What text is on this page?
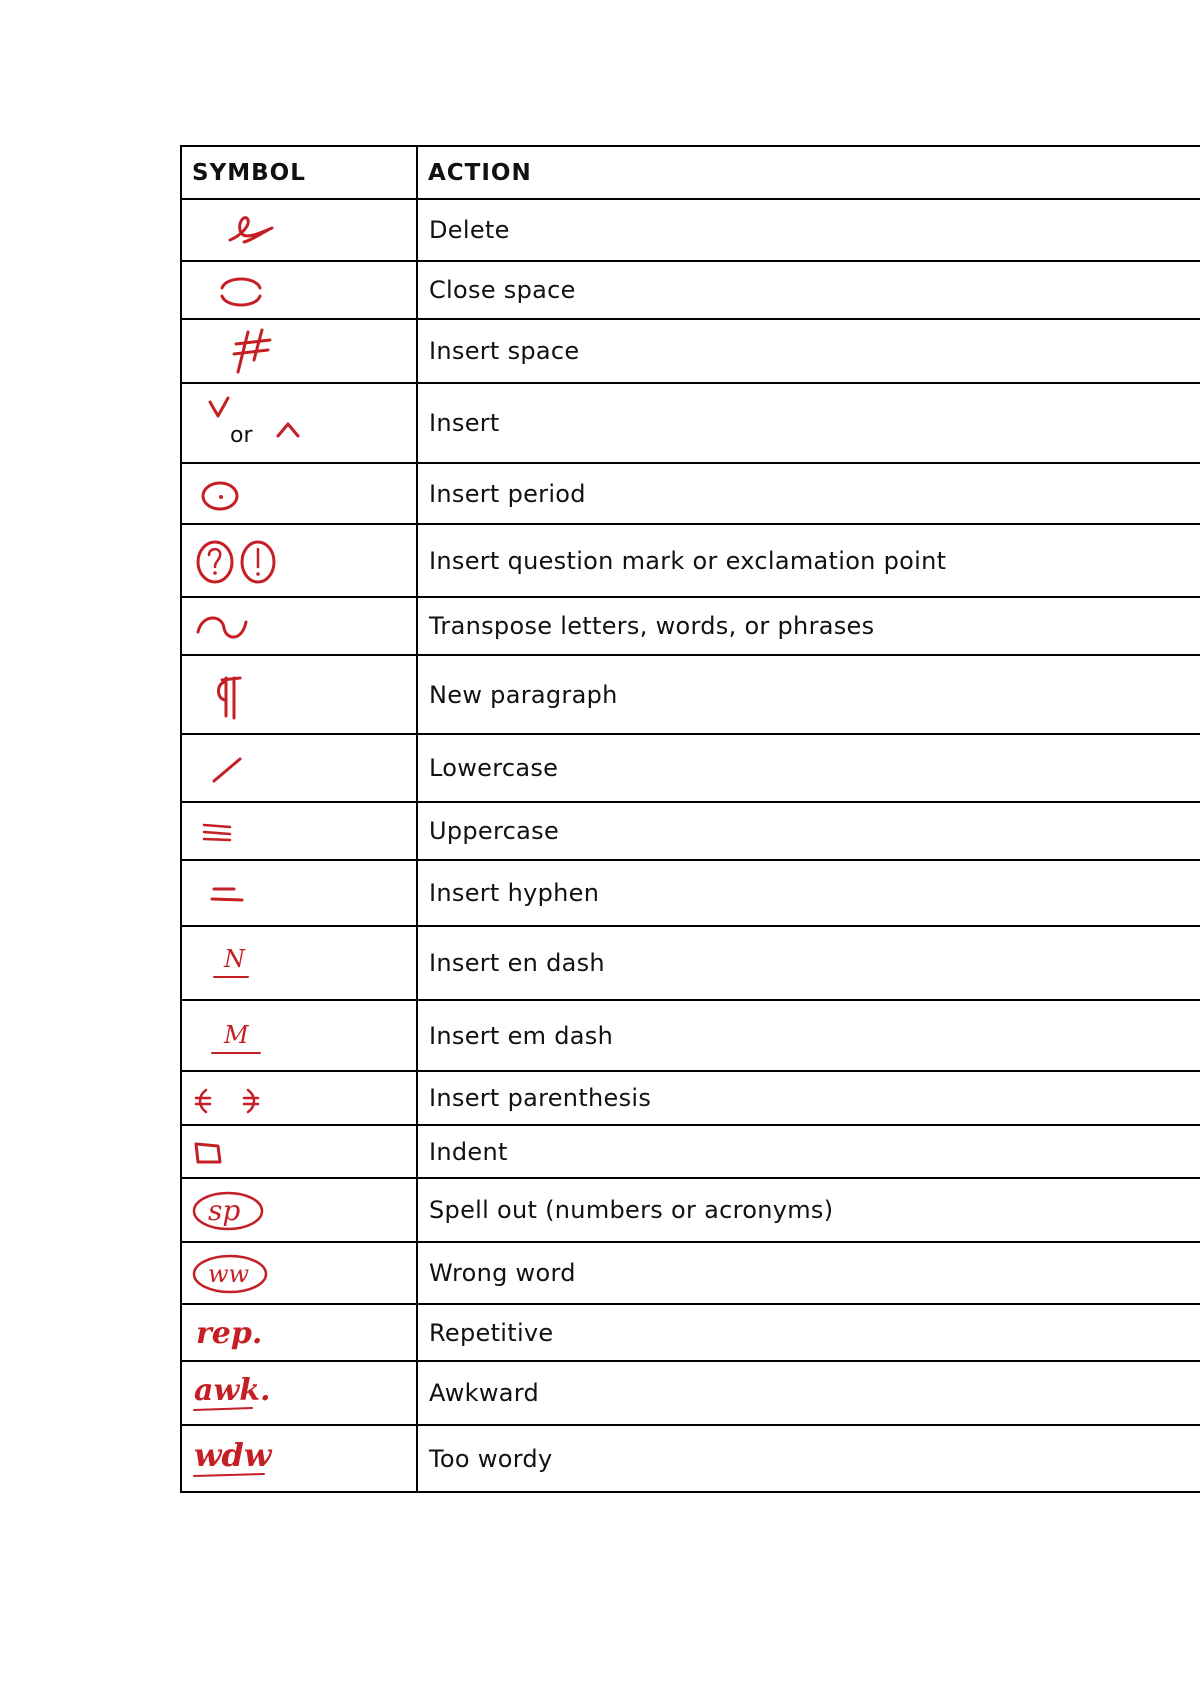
SYMBOL	ACTION

	Delete

	Close space

	Insert space

or	Insert

	Insert period

	Insert question mark or exclamation point

	Transpose letters, words, or phrases

	New paragraph

	Lowercase

	Uppercase

	Insert hyphen

N	Insert en dash

M	Insert em dash

	Insert parenthesis

	Indent

sp	Spell out (numbers or acronyms)

ww	Wrong word

rep.	Repetitive

awk.	Awkward

wdw	Too wordy
